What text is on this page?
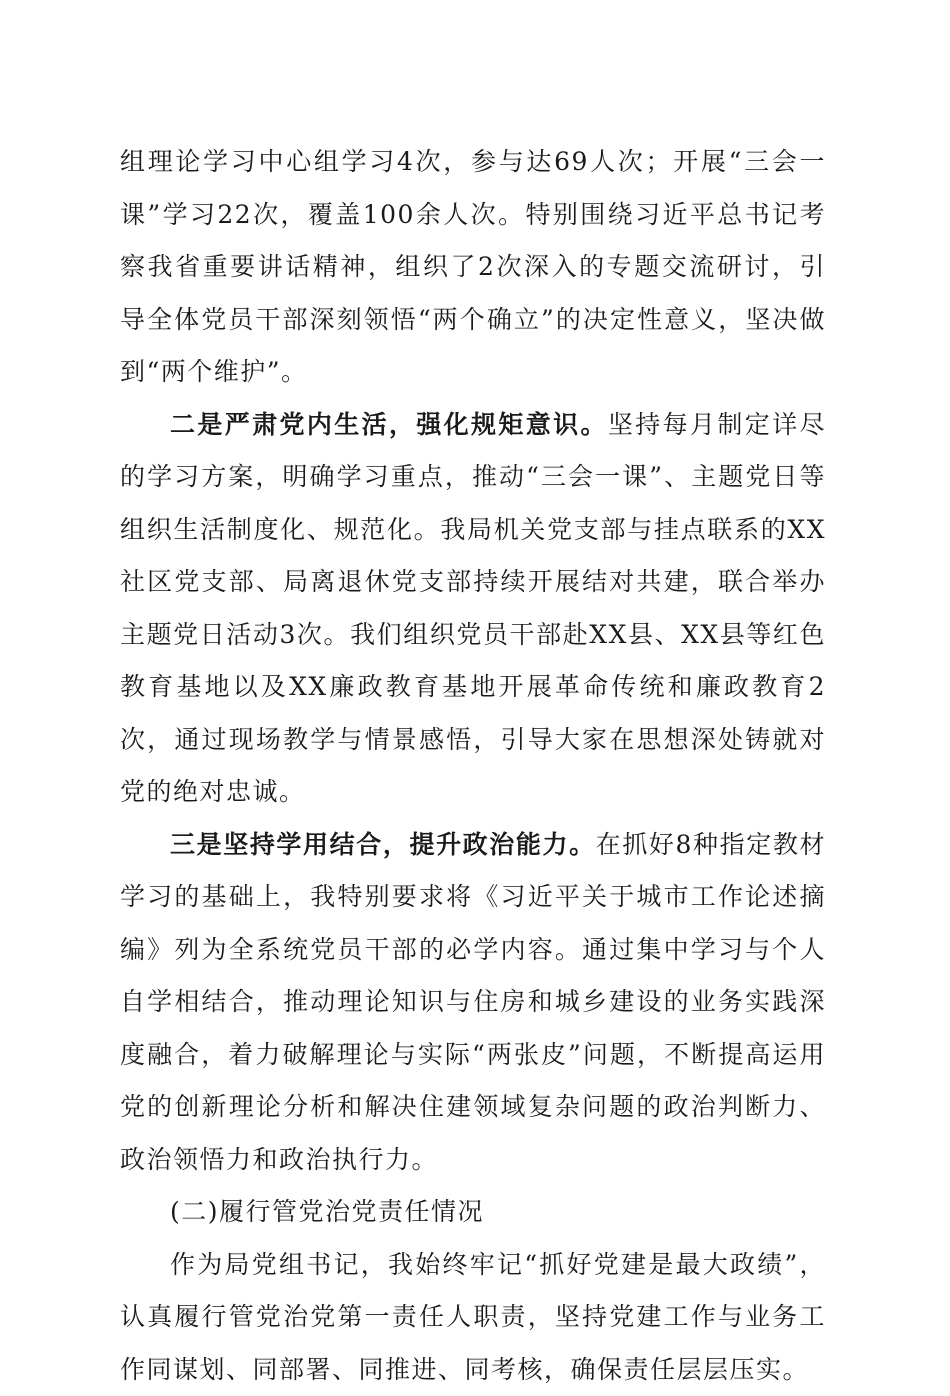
组理论学习中心组学习4次，参与达69人次；开展“三会一课”学习22次，覆盖100余人次。特别围绕习近平总书记考察我省重要讲话精神，组织了2次深入的专题交流研讨，引导全体党员干部深刻领悟“两个确立”的决定性意义，坚决做到“两个维护”。

二是严肃党内生活，强化规矩意识。坚持每月制定详尽的学习方案，明确学习重点，推动“三会一课”、主题党日等组织生活制度化、规范化。我局机关党支部与挂点联系的XX社区党支部、局离退休党支部持续开展结对共建，联合举办主题党日活动3次。我们组织党员干部赴XX县、XX县等红色教育基地以及XX廉政教育基地开展革命传统和廉政教育2次，通过现场教学与情景感悟，引导大家在思想深处铸就对党的绝对忠诚。

三是坚持学用结合，提升政治能力。在抓好8种指定教材学习的基础上，我特别要求将《习近平关于城市工作论述摘编》列为全系统党员干部的必学内容。通过集中学习与个人自学相结合，推动理论知识与住房和城乡建设的业务实践深度融合，着力破解理论与实际“两张皮”问题，不断提高运用党的创新理论分析和解决住建领域复杂问题的政治判断力、政治领悟力和政治执行力。

(二)履行管党治党责任情况

作为局党组书记，我始终牢记“抓好党建是最大政绩”，认真履行管党治党第一责任人职责，坚持党建工作与业务工作同谋划、同部署、同推进、同考核，确保责任层层压实。
